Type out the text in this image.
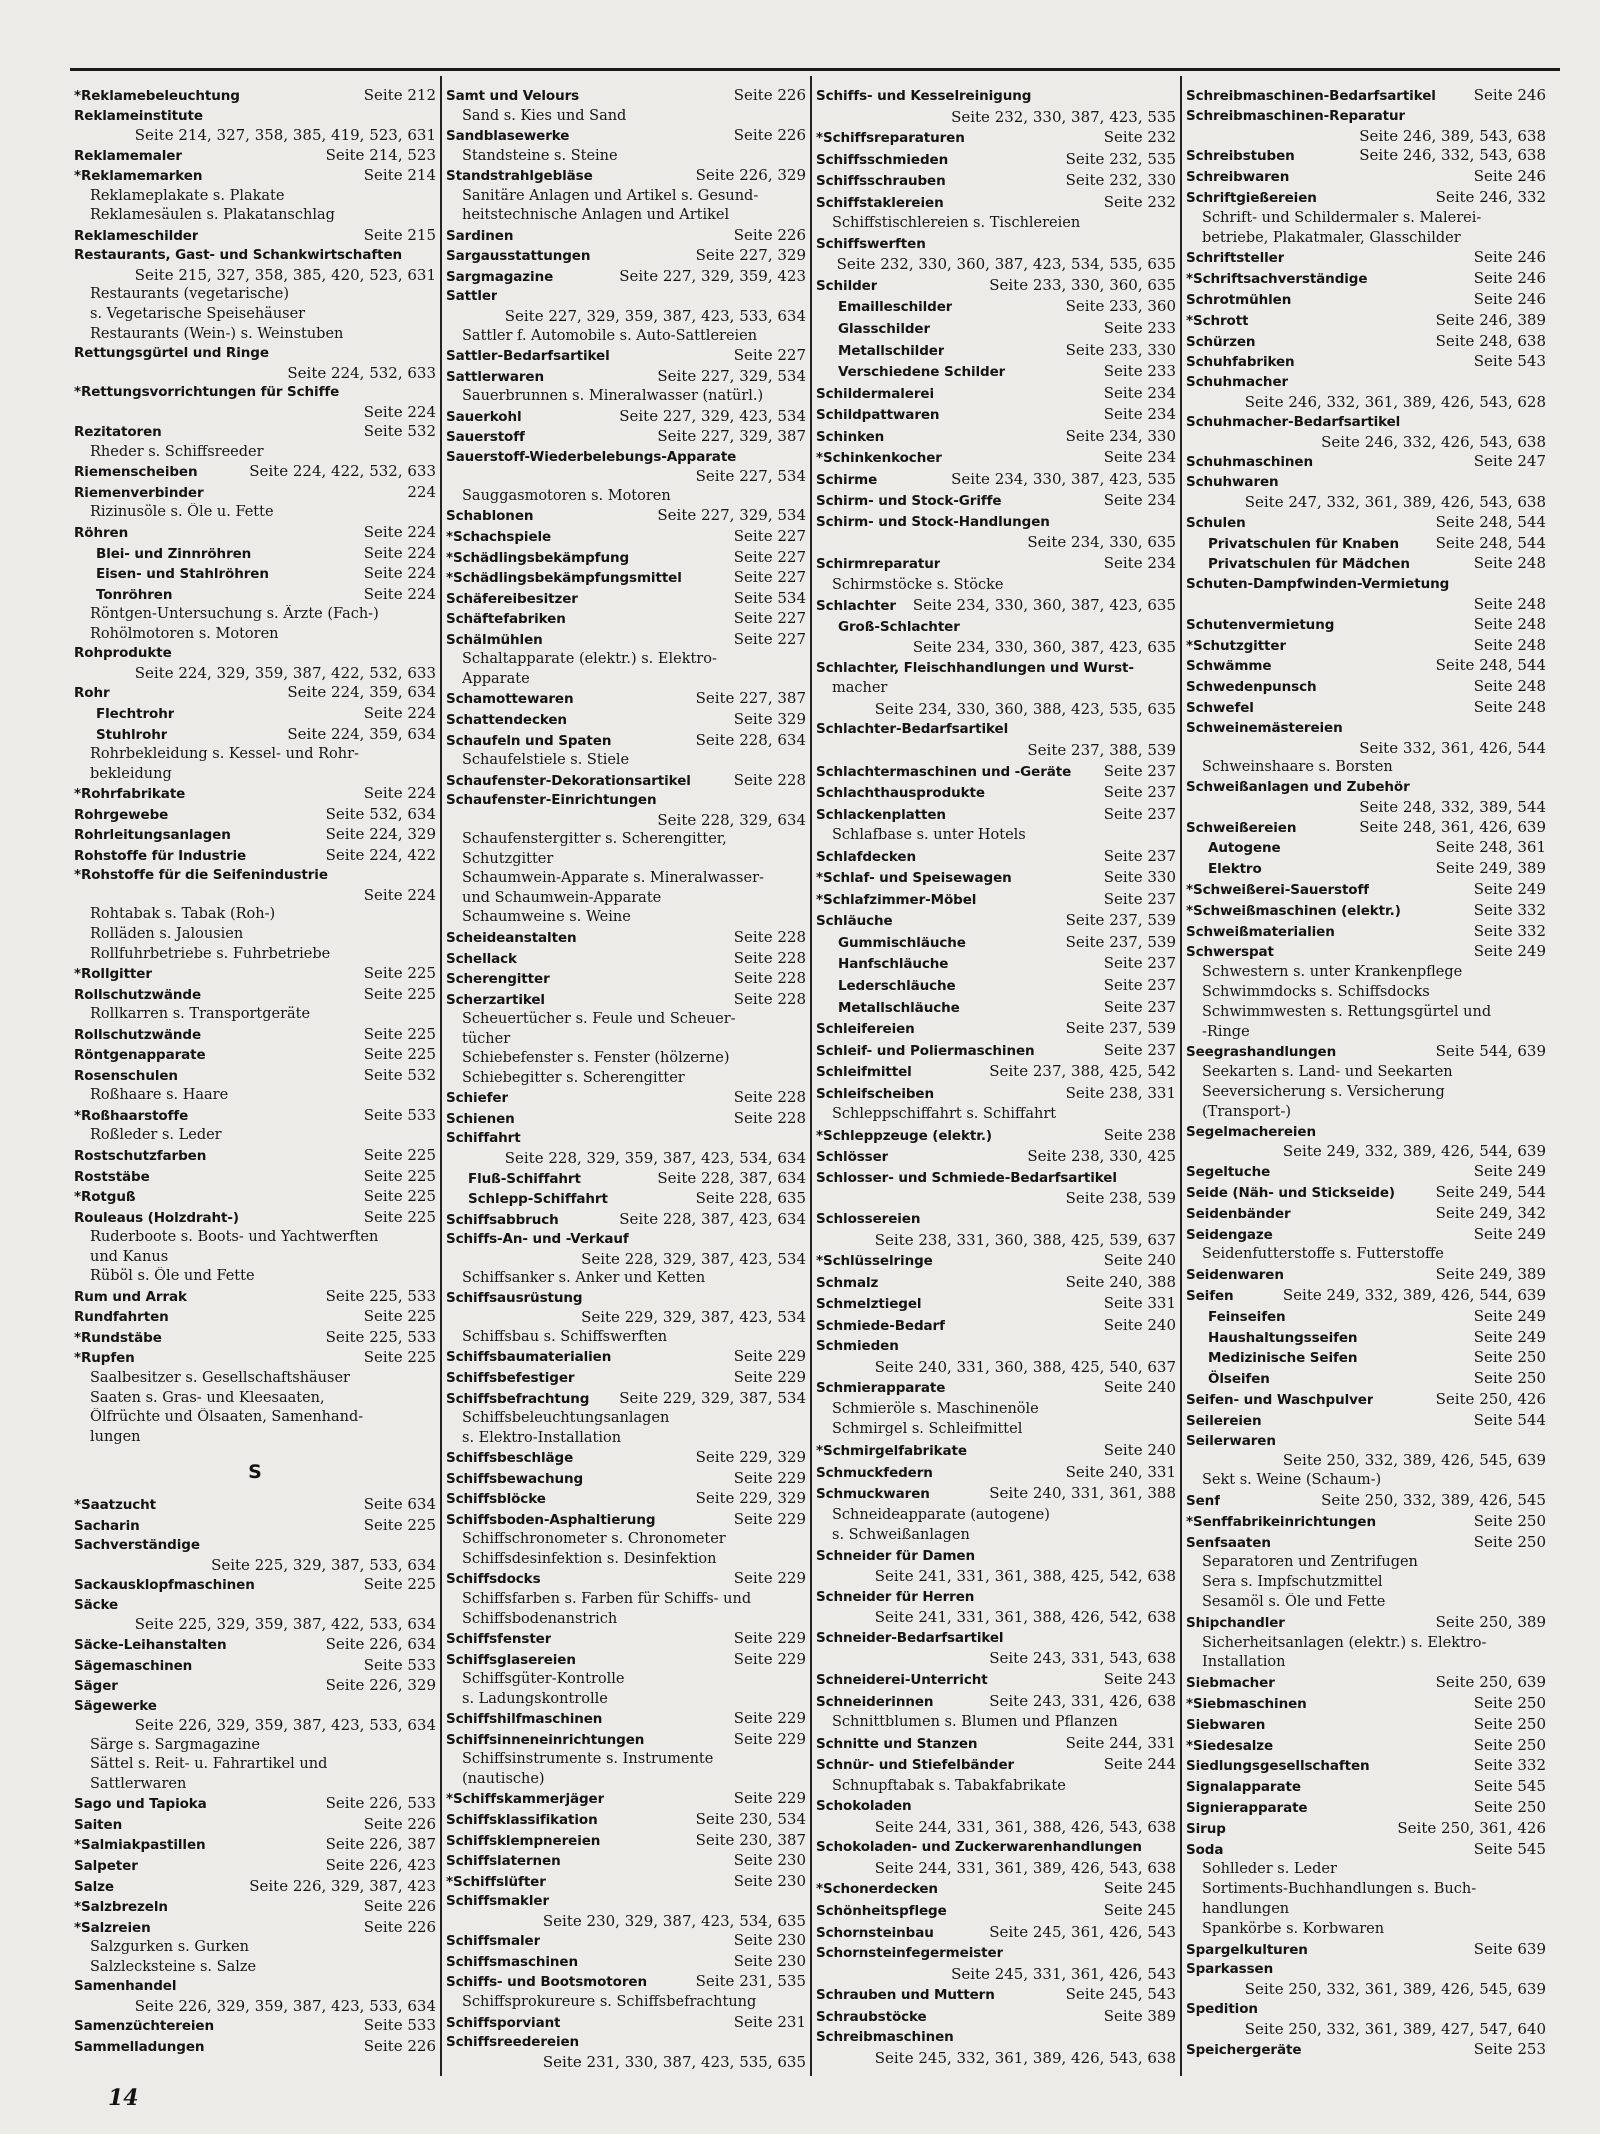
*Reklamebeleuchtung	Seite 212
Reklameinstitute
Seite 214, 327, 358, 385, 419, 523, 631
Reklamemaler	Seite 214, 523
*Reklamemarken	Seite 214
Reklameplakate s. Plakate
Reklamesäulen s. Plakatanschlag
Reklameschilder	Seite 215
Restaurants, Gast- und Schankwirtschaften
Seite 215, 327, 358, 385, 420, 523, 631
Restaurants (vegetarische)
s. Vegetarische Speisehäuser
Restaurants (Wein-) s. Weinstuben
Rettungsgürtel und Ringe
Seite 224, 532, 633
*Rettungsvorrichtungen für Schiffe
Seite 224
Rezitatoren	Seite 532
Rheder s. Schiffsreeder
Riemenscheiben	Seite 224, 422, 532, 633
Riemenverbinder	224
Rizinusöle s. Öle u. Fette
Röhren	Seite 224
Blei- und Zinnröhren	Seite 224
Eisen- und Stahlröhren	Seite 224
Tonröhren	Seite 224
Röntgen-Untersuchung s. Ärzte (Fach-)
Rohölmotoren s. Motoren
Rohprodukte
Seite 224, 329, 359, 387, 422, 532, 633
Rohr	Seite 224, 359, 634
Flechtrohr	Seite 224
Stuhlrohr	Seite 224, 359, 634
Rohrbekleidung s. Kessel- und Rohr-
bekleidung
*Rohrfabrikate	Seite 224
Rohrgewebe	Seite 532, 634
Rohrleitungsanlagen	Seite 224, 329
Rohstoffe für Industrie	Seite 224, 422
*Rohstoffe für die Seifenindustrie
Seite 224
Rohtabak s. Tabak (Roh-)
Rolläden s. Jalousien
Rollfuhrbetriebe s. Fuhrbetriebe
*Rollgitter	Seite 225
Rollschutzwände	Seite 225
Rollkarren s. Transportgeräte
Rollschutzwände	Seite 225
Röntgenapparate	Seite 225
Rosenschulen	Seite 532
Roßhaare s. Haare
*Roßhaarstoffe	Seite 533
Roßleder s. Leder
Rostschutzfarben	Seite 225
Roststäbe	Seite 225
*Rotguß	Seite 225
Rouleaus (Holzdraht-)	Seite 225
Ruderboote s. Boots- und Yachtwerften
und Kanus
Rüböl s. Öle und Fette
Rum und Arrak	Seite 225, 533
Rundfahrten	Seite 225
*Rundstäbe	Seite 225, 533
*Rupfen	Seite 225
Saalbesitzer s. Gesellschaftshäuser
Saaten s. Gras- und Kleesaaten,
Ölfrüchte und Ölsaaten, Samenhand-
lungen
S
*Saatzucht	Seite 634
Sacharin	Seite 225
Sachverständige
Seite 225, 329, 387, 533, 634
Sackausklopfmaschinen	Seite 225
Säcke
Seite 225, 329, 359, 387, 422, 533, 634
Säcke-Leihanstalten	Seite 226, 634
Sägemaschinen	Seite 533
Säger	Seite 226, 329
Sägewerke
Seite 226, 329, 359, 387, 423, 533, 634
Särge s. Sargmagazine
Sättel s. Reit- u. Fahrartikel und
Sattlerwaren
Sago und Tapioka	Seite 226, 533
Saiten	Seite 226
*Salmiakpastillen	Seite 226, 387
Salpeter	Seite 226, 423
Salze	Seite 226, 329, 387, 423
*Salzbrezeln	Seite 226
*Salzreien	Seite 226
Salzgurken s. Gurken
Salzlecksteine s. Salze
Samenhandel
Seite 226, 329, 359, 387, 423, 533, 634
Samenzüchtereien	Seite 533
Sammelladungen	Seite 226
Samt und Velours	Seite 226
Sand s. Kies und Sand
Sandblasewerke	Seite 226
Standsteine s. Steine
Standstrahlgebläse	Seite 226, 329
Sanitäre Anlagen und Artikel s. Gesund-
heitstechnische Anlagen und Artikel
Sardinen	Seite 226
Sargausstattungen	Seite 227, 329
Sargmagazine	Seite 227, 329, 359, 423
Sattler
Seite 227, 329, 359, 387, 423, 533, 634
Sattler f. Automobile s. Auto-Sattlereien
Sattler-Bedarfsartikel	Seite 227
Sattlerwaren	Seite 227, 329, 534
Sauerbrunnen s. Mineralwasser (natürl.)
Sauerkohl	Seite 227, 329, 423, 534
Sauerstoff	Seite 227, 329, 387
Sauerstoff-Wiederbelebungs-Apparate
Seite 227, 534
Sauggasmotoren s. Motoren
Schablonen	Seite 227, 329, 534
*Schachspiele	Seite 227
*Schädlingsbekämpfung	Seite 227
*Schädlingsbekämpfungsmittel	Seite 227
Schäfereibesitzer	Seite 534
Schäftefabriken	Seite 227
Schälmühlen	Seite 227
Schaltapparate (elektr.) s. Elektro-
Apparate
Schamottewaren	Seite 227, 387
Schattendecken	Seite 329
Schaufeln und Spaten	Seite 228, 634
Schaufelstiele s. Stiele
Schaufenster-Dekorationsartikel	Seite 228
Schaufenster-Einrichtungen
Seite 228, 329, 634
Schaufenstergitter s. Scherengitter,
Schutzgitter
Schaumwein-Apparate s. Mineralwasser-
und Schaumwein-Apparate
Schaumweine s. Weine
Scheideanstalten	Seite 228
Schellack	Seite 228
Scherengitter	Seite 228
Scherzartikel	Seite 228
Scheuertücher s. Feule und Scheuer-
tücher
Schiebefenster s. Fenster (hölzerne)
Schiebegitter s. Scherengitter
Schiefer	Seite 228
Schienen	Seite 228
Schiffahrt
Seite 228, 329, 359, 387, 423, 534, 634
Fluß-Schiffahrt	Seite 228, 387, 634
Schlepp-Schiffahrt	Seite 228, 635
Schiffsabbruch	Seite 228, 387, 423, 634
Schiffs-An- und -Verkauf
Seite 228, 329, 387, 423, 534
Schiffsanker s. Anker und Ketten
Schiffsausrüstung
Seite 229, 329, 387, 423, 534
Schiffsbau s. Schiffswerften
Schiffsbaumaterialien	Seite 229
Schiffsbefestiger	Seite 229
Schiffsbefrachtung	Seite 229, 329, 387, 534
Schiffsbeleuchtungsanlagen
s. Elektro-Installation
Schiffsbeschläge	Seite 229, 329
Schiffsbewachung	Seite 229
Schiffsblöcke	Seite 229, 329
Schiffsboden-Asphaltierung	Seite 229
Schiffschronometer s. Chronometer
Schiffsdesinfektion s. Desinfektion
Schiffsdocks	Seite 229
Schiffsfarben s. Farben für Schiffs- und
Schiffsbodenanstrich
Schiffsfenster	Seite 229
Schiffsglasereien	Seite 229
Schiffsgüter-Kontrolle
s. Ladungskontrolle
Schiffshilfmaschinen	Seite 229
Schiffsinneneinrichtungen	Seite 229
Schiffsinstrumente s. Instrumente
(nautische)
*Schiffskammerjäger	Seite 229
Schiffsklassifikation	Seite 230, 534
Schiffsklempnereien	Seite 230, 387
Schiffslaternen	Seite 230
*Schiffslüfter	Seite 230
Schiffsmakler
Seite 230, 329, 387, 423, 534, 635
Schiffsmaler	Seite 230
Schiffsmaschinen	Seite 230
Schiffs- und Bootsmotoren	Seite 231, 535
Schiffsprokureure s. Schiffsbefrachtung
Schiffsporviant	Seite 231
Schiffsreedereien
Seite 231, 330, 387, 423, 535, 635
Schiffs- und Kesselreinigung
Seite 232, 330, 387, 423, 535
*Schiffsreparaturen	Seite 232
Schiffsschmieden	Seite 232, 535
Schiffsschrauben	Seite 232, 330
Schiffstaklereien	Seite 232
Schiffstischlereien s. Tischlereien
Schiffswerften
Seite 232, 330, 360, 387, 423, 534, 535, 635
Schilder	Seite 233, 330, 360, 635
Emailleschilder	Seite 233, 360
Glasschilder	Seite 233
Metallschilder	Seite 233, 330
Verschiedene Schilder	Seite 233
Schildermalerei	Seite 234
Schildpattwaren	Seite 234
Schinken	Seite 234, 330
*Schinkenkocher	Seite 234
Schirme	Seite 234, 330, 387, 423, 535
Schirm- und Stock-Griffe	Seite 234
Schirm- und Stock-Handlungen
Seite 234, 330, 635
Schirmreparatur	Seite 234
Schirmstöcke s. Stöcke
Schlachter	Seite 234, 330, 360, 387, 423, 635
Groß-Schlachter
Seite 234, 330, 360, 387, 423, 635
Schlachter, Fleischhandlungen und Wurst-
macher
Seite 234, 330, 360, 388, 423, 535, 635
Schlachter-Bedarfsartikel
Seite 237, 388, 539
Schlachtermaschinen und -Geräte	Seite 237
Schlachthausprodukte	Seite 237
Schlackenplatten	Seite 237
Schlafbase s. unter Hotels
Schlafdecken	Seite 237
*Schlaf- und Speisewagen	Seite 330
*Schlafzimmer-Möbel	Seite 237
Schläuche	Seite 237, 539
Gummischläuche	Seite 237, 539
Hanfschläuche	Seite 237
Lederschläuche	Seite 237
Metallschläuche	Seite 237
Schleifereien	Seite 237, 539
Schleif- und Poliermaschinen	Seite 237
Schleifmittel	Seite 237, 388, 425, 542
Schleifscheiben	Seite 238, 331
Schleppschiffahrt s. Schiffahrt
*Schleppzeuge (elektr.)	Seite 238
Schlösser	Seite 238, 330, 425
Schlosser- und Schmiede-Bedarfsartikel
Seite 238, 539
Schlossereien
Seite 238, 331, 360, 388, 425, 539, 637
*Schlüsselringe	Seite 240
Schmalz	Seite 240, 388
Schmelztiegel	Seite 331
Schmiede-Bedarf	Seite 240
Schmieden
Seite 240, 331, 360, 388, 425, 540, 637
Schmierapparate	Seite 240
Schmieröle s. Maschinenöle
Schmirgel s. Schleifmittel
*Schmirgelfabrikate	Seite 240
Schmuckfedern	Seite 240, 331
Schmuckwaren	Seite 240, 331, 361, 388
Schneideapparate (autogene)
s. Schweißanlagen
Schneider für Damen
Seite 241, 331, 361, 388, 425, 542, 638
Schneider für Herren
Seite 241, 331, 361, 388, 426, 542, 638
Schneider-Bedarfsartikel
Seite 243, 331, 543, 638
Schneiderei-Unterricht	Seite 243
Schneiderinnen	Seite 243, 331, 426, 638
Schnittblumen s. Blumen und Pflanzen
Schnitte und Stanzen	Seite 244, 331
Schnür- und Stiefelbänder	Seite 244
Schnupftabak s. Tabakfabrikate
Schokoladen
Seite 244, 331, 361, 388, 426, 543, 638
Schokoladen- und Zuckerwarenhandlungen
Seite 244, 331, 361, 389, 426, 543, 638
*Schonerdecken	Seite 245
Schönheitspflege	Seite 245
Schornsteinbau	Seite 245, 361, 426, 543
Schornsteinfegermeister
Seite 245, 331, 361, 426, 543
Schrauben und Muttern	Seite 245, 543
Schraubstöcke	Seite 389
Schreibmaschinen
Seite 245, 332, 361, 389, 426, 543, 638
Schreibmaschinen-Bedarfsartikel	Seite 246
Schreibmaschinen-Reparatur
Seite 246, 389, 543, 638
Schreibstuben	Seite 246, 332, 543, 638
Schreibwaren	Seite 246
Schriftgießereien	Seite 246, 332
Schrift- und Schildermaler s. Malerei-
betriebe, Plakatmaler, Glasschilder
Schriftsteller	Seite 246
*Schriftsachverständige	Seite 246
Schrotmühlen	Seite 246
*Schrott	Seite 246, 389
Schürzen	Seite 248, 638
Schuhfabriken	Seite 543
Schuhmacher
Seite 246, 332, 361, 389, 426, 543, 628
Schuhmacher-Bedarfsartikel
Seite 246, 332, 426, 543, 638
Schuhmaschinen	Seite 247
Schuhwaren
Seite 247, 332, 361, 389, 426, 543, 638
Schulen	Seite 248, 544
Privatschulen für Knaben	Seite 248, 544
Privatschulen für Mädchen	Seite 248
Schuten-Dampfwinden-Vermietung
Seite 248
Schutenvermietung	Seite 248
*Schutzgitter	Seite 248
Schwämme	Seite 248, 544
Schwedenpunsch	Seite 248
Schwefel	Seite 248
Schweinemästereien
Seite 332, 361, 426, 544
Schweinshaare s. Borsten
Schweißanlagen und Zubehör
Seite 248, 332, 389, 544
Schweißereien	Seite 248, 361, 426, 639
Autogene	Seite 248, 361
Elektro	Seite 249, 389
*Schweißerei-Sauerstoff	Seite 249
*Schweißmaschinen (elektr.)	Seite 332
Schweißmaterialien	Seite 332
Schwerspat	Seite 249
Schwestern s. unter Krankenpflege
Schwimmdocks s. Schiffsdocks
Schwimmwesten s. Rettungsgürtel und
-Ringe
Seegrashandlungen	Seite 544, 639
Seekarten s. Land- und Seekarten
Seeversicherung s. Versicherung
(Transport-)
Segelmachereien
Seite 249, 332, 389, 426, 544, 639
Segeltuche	Seite 249
Seide (Näh- und Stickseide)	Seite 249, 544
Seidenbänder	Seite 249, 342
Seidengaze	Seite 249
Seidenfutterstoffe s. Futterstoffe
Seidenwaren	Seite 249, 389
Seifen	Seite 249, 332, 389, 426, 544, 639
Feinseifen	Seite 249
Haushaltungsseifen	Seite 249
Medizinische Seifen	Seite 250
Ölseifen	Seite 250
Seifen- und Waschpulver	Seite 250, 426
Seilereien	Seite 544
Seilerwaren
Seite 250, 332, 389, 426, 545, 639
Sekt s. Weine (Schaum-)
Senf	Seite 250, 332, 389, 426, 545
*Senffabrikeinrichtungen	Seite 250
Senfsaaten	Seite 250
Separatoren und Zentrifugen
Sera s. Impfschutzmittel
Sesamöl s. Öle und Fette
Shipchandler	Seite 250, 389
Sicherheitsanlagen (elektr.) s. Elektro-
Installation
Siebmacher	Seite 250, 639
*Siebmaschinen	Seite 250
Siebwaren	Seite 250
*Siedesalze	Seite 250
Siedlungsgesellschaften	Seite 332
Signalapparate	Seite 545
Signierapparate	Seite 250
Sirup	Seite 250, 361, 426
Soda	Seite 545
Sohlleder s. Leder
Sortiments-Buchhandlungen s. Buch-
handlungen
Spankörbe s. Korbwaren
Spargelkulturen	Seite 639
Sparkassen
Seite 250, 332, 361, 389, 426, 545, 639
Spedition
Seite 250, 332, 361, 389, 427, 547, 640
Speichergeräte	Seite 253
14
